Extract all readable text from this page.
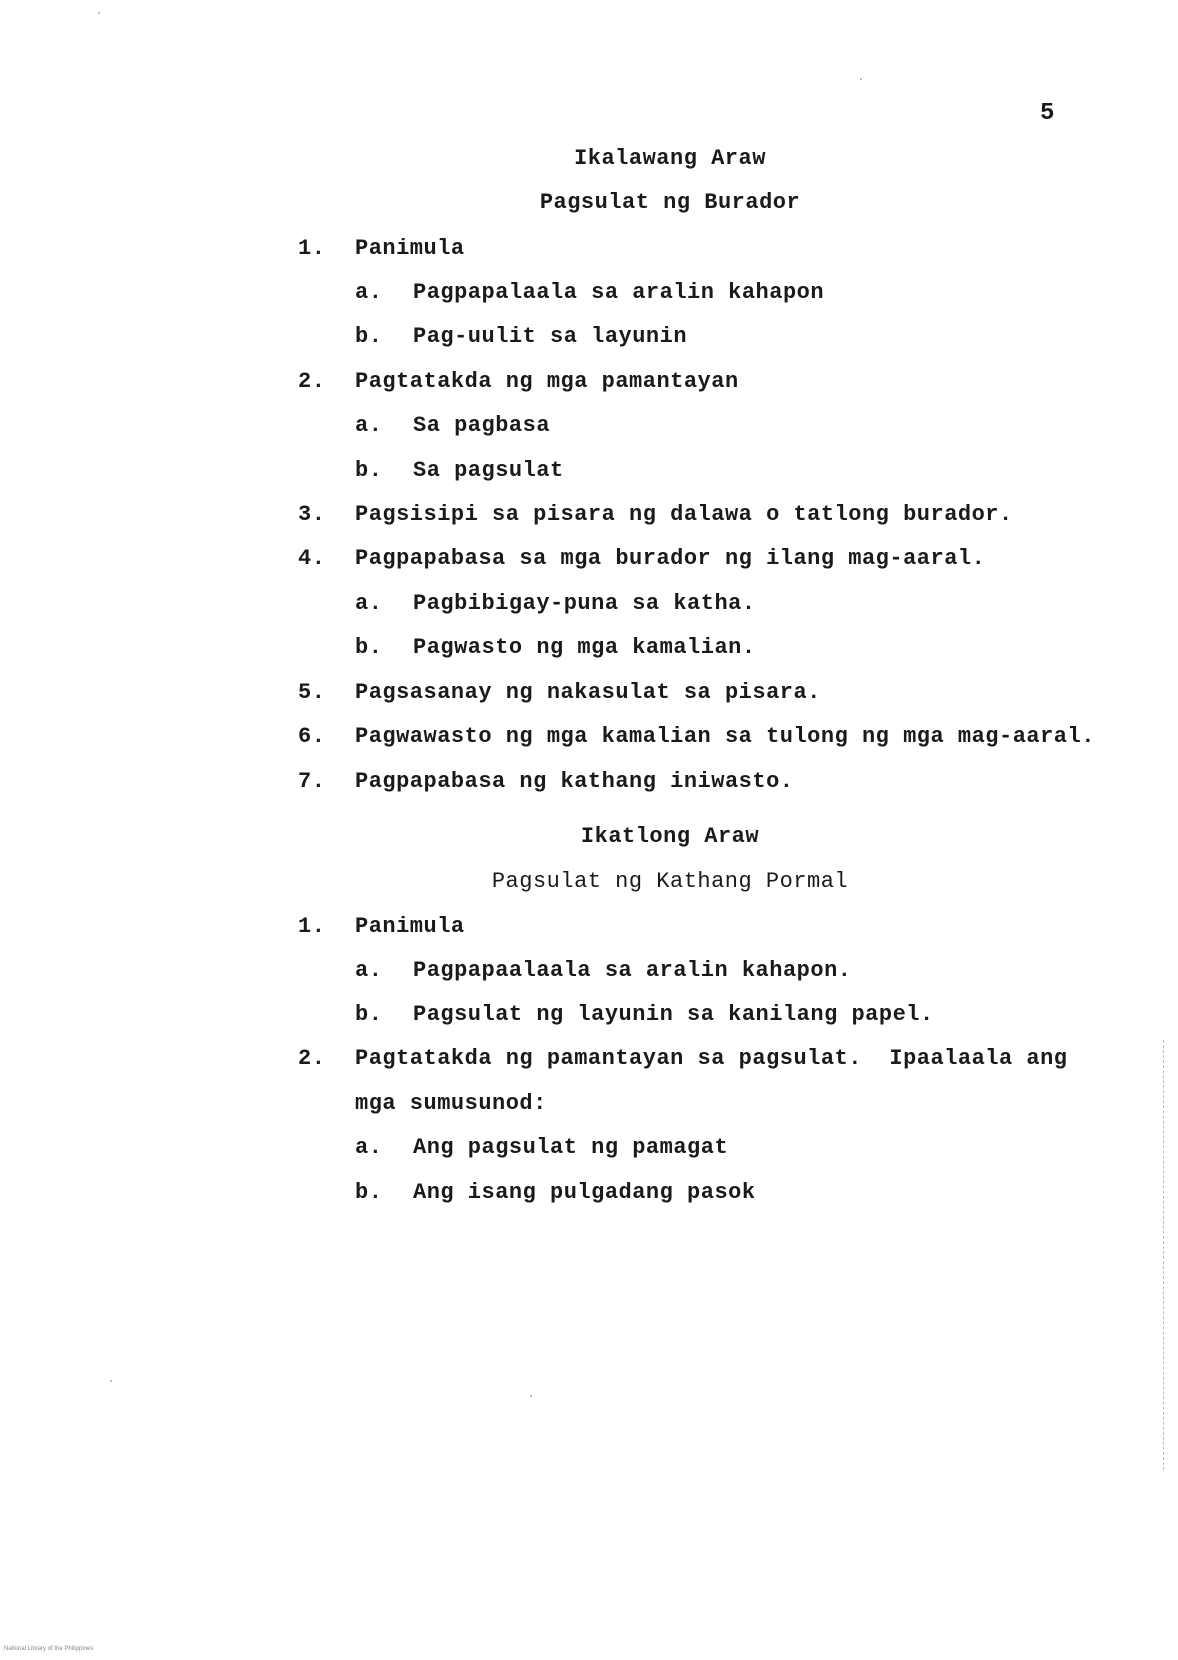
5
Ikalawang Araw
Pagsulat ng Burador
1.	Panimula
a.	Pagpapalaala sa aralin kahapon
b.	Pag-uulit sa layunin
2.	Pagtatakda ng mga pamantayan
a.	Sa pagbasa
b.	Sa pagsulat
3.	Pagsisipi sa pisara ng dalawa o tatlong burador.
4.	Pagpapabasa sa mga burador ng ilang mag-aaral.
a.	Pagbibigay-puna sa katha.
b.	Pagwasto ng mga kamalian.
5.	Pagsasanay ng nakasulat sa pisara.
6.	Pagwawasto ng mga kamalian sa tulong ng mga mag-aaral.
7.	Pagpapabasa ng kathang iniwasto.
Ikatlong Araw
Pagsulat ng Kathang Pormal
1.	Panimula
a.	Pagpapaalaala sa aralin kahapon.
b.	Pagsulat ng layunin sa kanilang papel.
2.	Pagtatakda ng pamantayan sa pagsulat.  Ipaalaala ang
mga sumusunod:
a.	Ang pagsulat ng pamagat
b.	Ang isang pulgadang pasok
National Library of the Philippines
